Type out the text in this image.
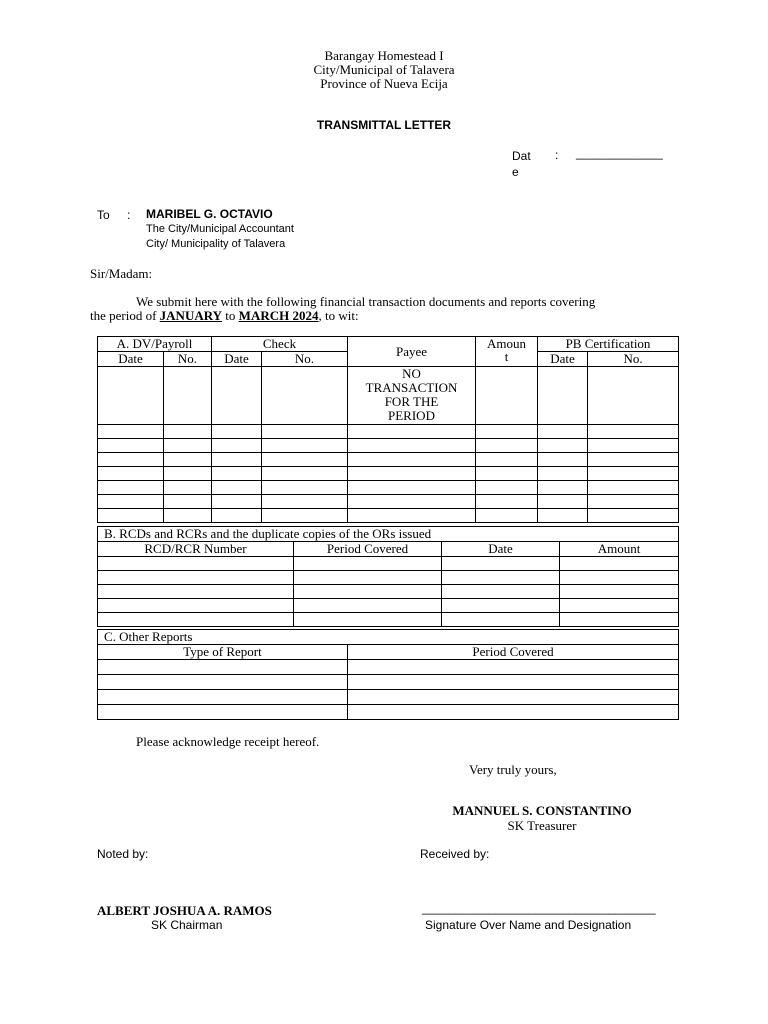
Barangay Homestead I
City/Municipal of Talavera
Province of Nueva Ecija
TRANSMITTAL LETTER
Dat
e
: _____________
To : MARIBEL G. OCTAVIO
The City/Municipal Accountant
City/ Municipality of Talavera
Sir/Madam:
We submit here with the following financial transaction documents and reports covering
the period of JANUARY to MARCH 2024, to wit:
A. DV/Payroll		Check		Payee	Amoun
t	PB Certification	
Date	No.	Date	No.			Date	No.

				NO
TRANSACTION
FOR THE
PERIOD			

B. RCDs and RCRs and the duplicate copies of the ORs issued			
RCD/RCR Number	Period Covered	Date	Amount

C. Other Reports	
Type of Report	Period Covered

Please acknowledge receipt hereof.
Very truly yours,
MANNUEL S. CONSTANTINO
SK Treasurer
Noted by:	Received by:
ALBERT JOSHUA A. RAMOS
SK Chairman
___________________________________
Signature Over Name and Designation
